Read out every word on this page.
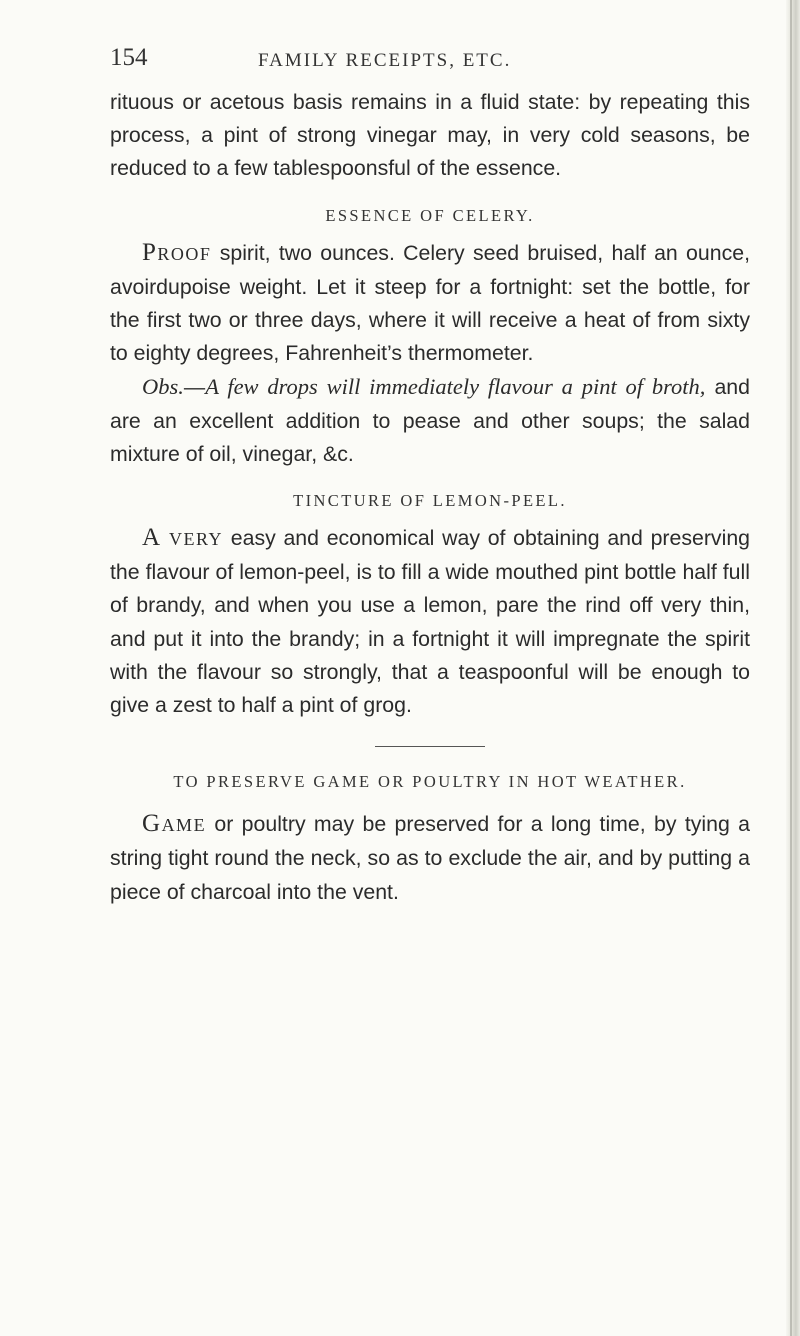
154	FAMILY RECEIPTS, ETC.

rituous or acetous basis remains in a fluid state: by repeating this process, a pint of strong vinegar may, in very cold seasons, be reduced to a few tablespoonsful of the essence.

ESSENCE OF CELERY.

PROOF spirit, two ounces. Celery seed bruised, half an ounce, avoirdupoise weight. Let it steep for a fortnight: set the bottle, for the first two or three days, where it will receive a heat of from sixty to eighty degrees, Fahrenheit’s thermometer.

Obs.—A few drops will immediately flavour a pint of broth, and are an excellent addition to pease and other soups; the salad mixture of oil, vinegar, &c.

TINCTURE OF LEMON-PEEL.

A VERY easy and economical way of obtaining and preserving the flavour of lemon-peel, is to fill a wide mouthed pint bottle half full of brandy, and when you use a lemon, pare the rind off very thin, and put it into the brandy; in a fortnight it will impregnate the spirit with the flavour so strongly, that a teaspoonful will be enough to give a zest to half a pint of grog.

TO PRESERVE GAME OR POULTRY IN HOT WEATHER.

GAME or poultry may be preserved for a long time, by tying a string tight round the neck, so as to exclude the air, and by putting a piece of charcoal into the vent.
